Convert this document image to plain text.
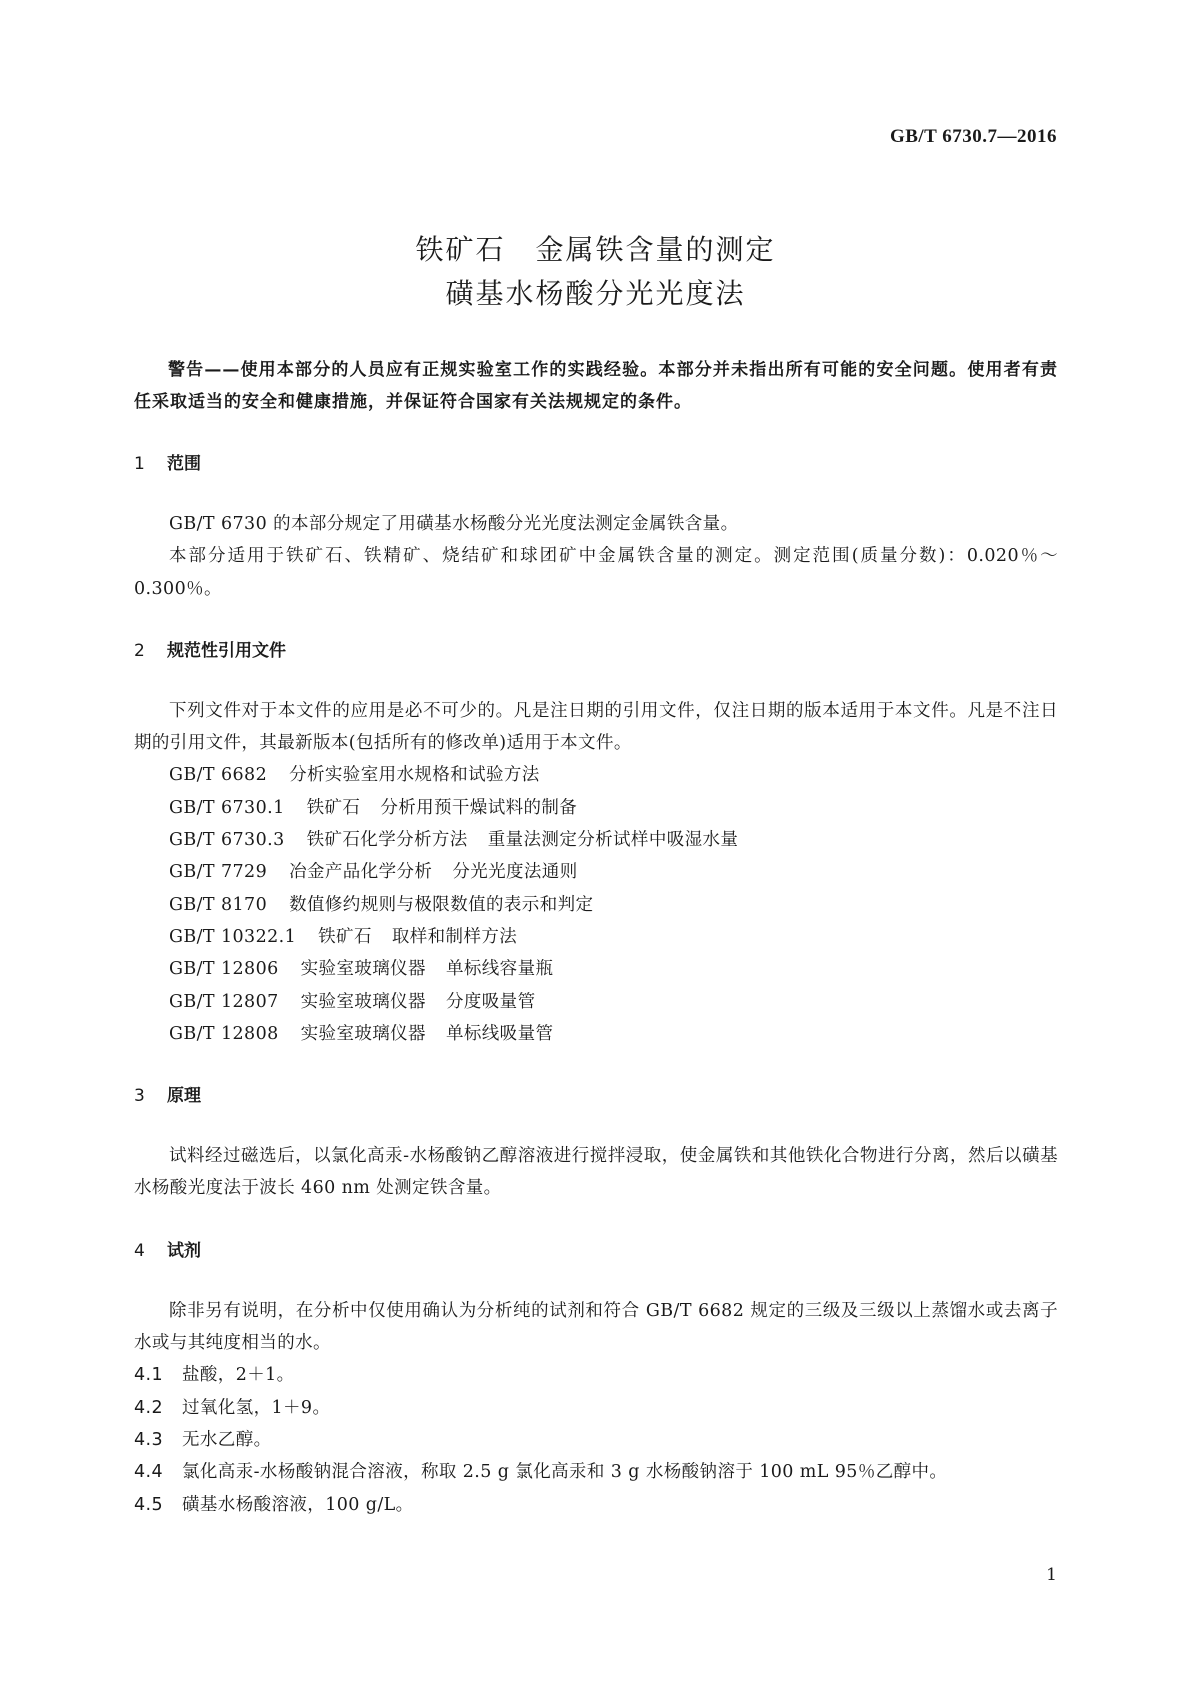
GB/T 6730.7—2016
铁矿石　金属铁含量的测定
磺基水杨酸分光光度法

警告——使用本部分的人员应有正规实验室工作的实践经验。本部分并未指出所有可能的安全问题。使用者有责任采取适当的安全和健康措施，并保证符合国家有关法规规定的条件。

1 范围

GB/T 6730 的本部分规定了用磺基水杨酸分光光度法测定金属铁含量。

本部分适用于铁矿石、铁精矿、烧结矿和球团矿中金属铁含量的测定。测定范围(质量分数)：0.020％～0.300％。

2 规范性引用文件

下列文件对于本文件的应用是必不可少的。凡是注日期的引用文件，仅注日期的版本适用于本文件。凡是不注日期的引用文件，其最新版本(包括所有的修改单)适用于本文件。

GB/T 6682 分析实验室用水规格和试验方法

GB/T 6730.1 铁矿石 分析用预干燥试料的制备

GB/T 6730.3 铁矿石化学分析方法 重量法测定分析试样中吸湿水量

GB/T 7729 冶金产品化学分析 分光光度法通则

GB/T 8170 数值修约规则与极限数值的表示和判定

GB/T 10322.1 铁矿石 取样和制样方法

GB/T 12806 实验室玻璃仪器 单标线容量瓶

GB/T 12807 实验室玻璃仪器 分度吸量管

GB/T 12808 实验室玻璃仪器 单标线吸量管

3 原理

试料经过磁选后，以氯化高汞-水杨酸钠乙醇溶液进行搅拌浸取，使金属铁和其他铁化合物进行分离，然后以磺基水杨酸光度法于波长 460 nm 处测定铁含量。

4 试剂

除非另有说明，在分析中仅使用确认为分析纯的试剂和符合 GB/T 6682 规定的三级及三级以上蒸馏水或去离子水或与其纯度相当的水。

4.1 盐酸，2＋1。

4.2 过氧化氢，1＋9。

4.3 无水乙醇。

4.4 氯化高汞-水杨酸钠混合溶液，称取 2.5 g 氯化高汞和 3 g 水杨酸钠溶于 100 mL 95％乙醇中。

4.5 磺基水杨酸溶液，100 g/L。

1
